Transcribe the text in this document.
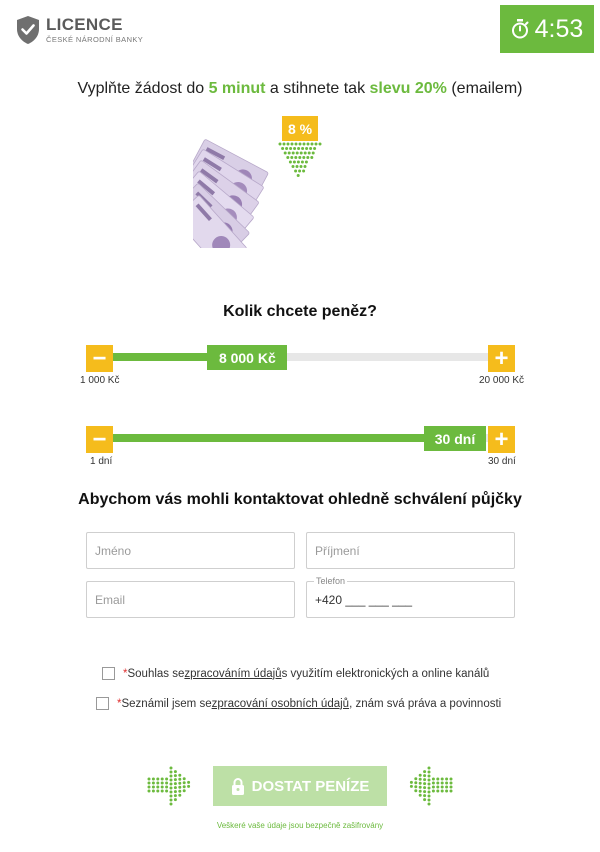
LICENCE
ČESKÉ NÁRODNÍ BANKY	4:53
Vyplňte žádost do 5 minut a stihnete tak slevu 20% (emailem)
8 %
Kolik chcete peněz?
−	+
8 000 Kč
1 000 Kč	20 000 Kč
−	+
30 dní
1 dní	30 dní
Abychom vás mohli kontaktovat ohledně schválení půjčky
Jméno
Příjmení
Email
Telefon
+420 ___ ___ ___
* Souhlas se zpracováním údajů s využitím elektronických a online kanálů
* Seznámil jsem se zpracování osobních údajů , znám svá práva a povinnosti
DOSTAT PENÍZE
Veškeré vaše údaje jsou bezpečně zašifrovány
